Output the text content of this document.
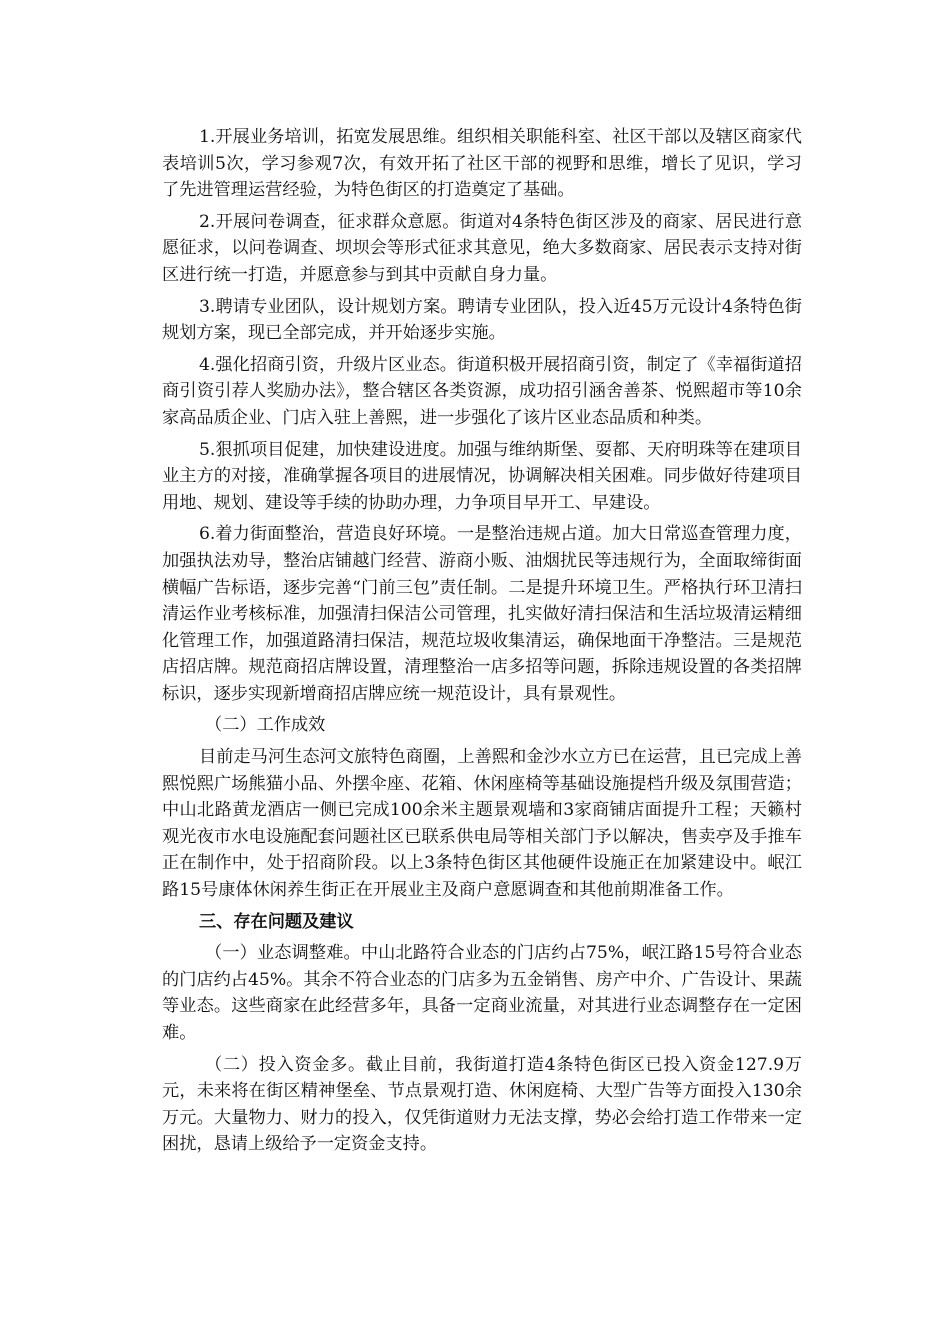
1.开展业务培训，拓宽发展思维。组织相关职能科室、社区干部以及辖区商家代表培训5次，学习参观7次，有效开拓了社区干部的视野和思维，增长了见识，学习了先进管理运营经验，为特色街区的打造奠定了基础。

2.开展问卷调查，征求群众意愿。街道对4条特色街区涉及的商家、居民进行意愿征求，以问卷调查、坝坝会等形式征求其意见，绝大多数商家、居民表示支持对街区进行统一打造，并愿意参与到其中贡献自身力量。

3.聘请专业团队，设计规划方案。聘请专业团队，投入近45万元设计4条特色街规划方案，现已全部完成，并开始逐步实施。

4.强化招商引资，升级片区业态。街道积极开展招商引资，制定了《幸福街道招商引资引荐人奖励办法》，整合辖区各类资源，成功招引涵舍善茶、悦熙超市等10余家高品质企业、门店入驻上善熙，进一步强化了该片区业态品质和种类。

5.狠抓项目促建，加快建设进度。加强与维纳斯堡、耍都、天府明珠等在建项目业主方的对接，准确掌握各项目的进展情况，协调解决相关困难。同步做好待建项目用地、规划、建设等手续的协助办理，力争项目早开工、早建设。

6.着力街面整治，营造良好环境。一是整治违规占道。加大日常巡查管理力度，加强执法劝导，整治店铺越门经营、游商小贩、油烟扰民等违规行为，全面取缔街面横幅广告标语，逐步完善“门前三包”责任制。二是提升环境卫生。严格执行环卫清扫清运作业考核标准，加强清扫保洁公司管理，扎实做好清扫保洁和生活垃圾清运精细化管理工作，加强道路清扫保洁，规范垃圾收集清运，确保地面干净整洁。三是规范店招店牌。规范商招店牌设置，清理整治一店多招等问题，拆除违规设置的各类招牌标识，逐步实现新增商招店牌应统一规范设计，具有景观性。

（二）工作成效

目前走马河生态河文旅特色商圈，上善熙和金沙水立方已在运营，且已完成上善熙悦熙广场熊猫小品、外摆伞座、花箱、休闲座椅等基础设施提档升级及氛围营造；中山北路黄龙酒店一侧已完成100余米主题景观墙和3家商铺店面提升工程；天籁村观光夜市水电设施配套问题社区已联系供电局等相关部门予以解决，售卖亭及手推车正在制作中，处于招商阶段。以上3条特色街区其他硬件设施正在加紧建设中。岷江路15号康体休闲养生街正在开展业主及商户意愿调查和其他前期准备工作。

三、存在问题及建议

（一）业态调整难。中山北路符合业态的门店约占75%，岷江路15号符合业态的门店约占45%。其余不符合业态的门店多为五金销售、房产中介、广告设计、果蔬等业态。这些商家在此经营多年，具备一定商业流量，对其进行业态调整存在一定困难。

（二）投入资金多。截止目前，我街道打造4条特色街区已投入资金127.9万元，未来将在街区精神堡垒、节点景观打造、休闲庭椅、大型广告等方面投入130余万元。大量物力、财力的投入，仅凭街道财力无法支撑，势必会给打造工作带来一定困扰，恳请上级给予一定资金支持。
